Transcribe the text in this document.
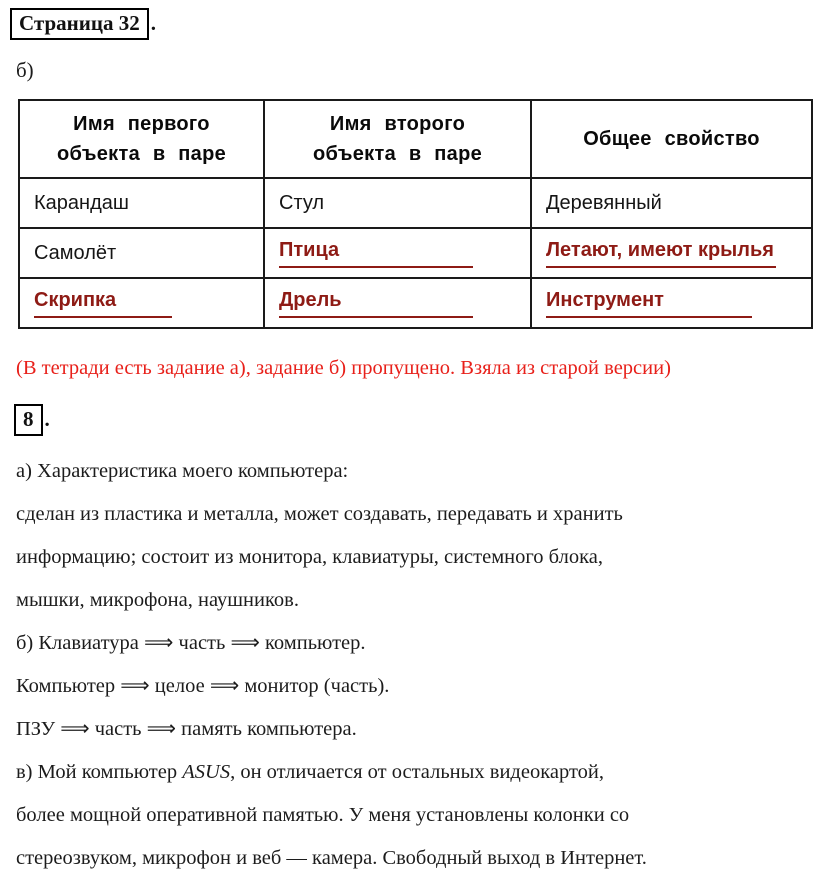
Страница 32 .
б)
Имя первого объекта в паре	Имя второго объекта в паре	Общее свойство
Карандаш	Стул	Деревянный
Самолёт	Птица	Летают, имеют крылья
Скрипка	Дрель	Инструмент
(В тетради есть задание а), задание б) пропущено. Взяла из старой версии)
8 .
а) Характеристика моего компьютера:
сделан из пластика и металла, может создавать, передавать и хранить
информацию; состоит из монитора, клавиатуры, системного блока,
мышки, микрофона, наушников.
б) Клавиатура ⟹ часть ⟹ компьютер.
Компьютер ⟹ целое ⟹ монитор (часть).
ПЗУ ⟹ часть ⟹ память компьютера.
в) Мой компьютер ASUS, он отличается от остальных видеокартой,
более мощной оперативной памятью. У меня установлены колонки со
стереозвуком, микрофон и веб — камера. Свободный выход в Интернет.
